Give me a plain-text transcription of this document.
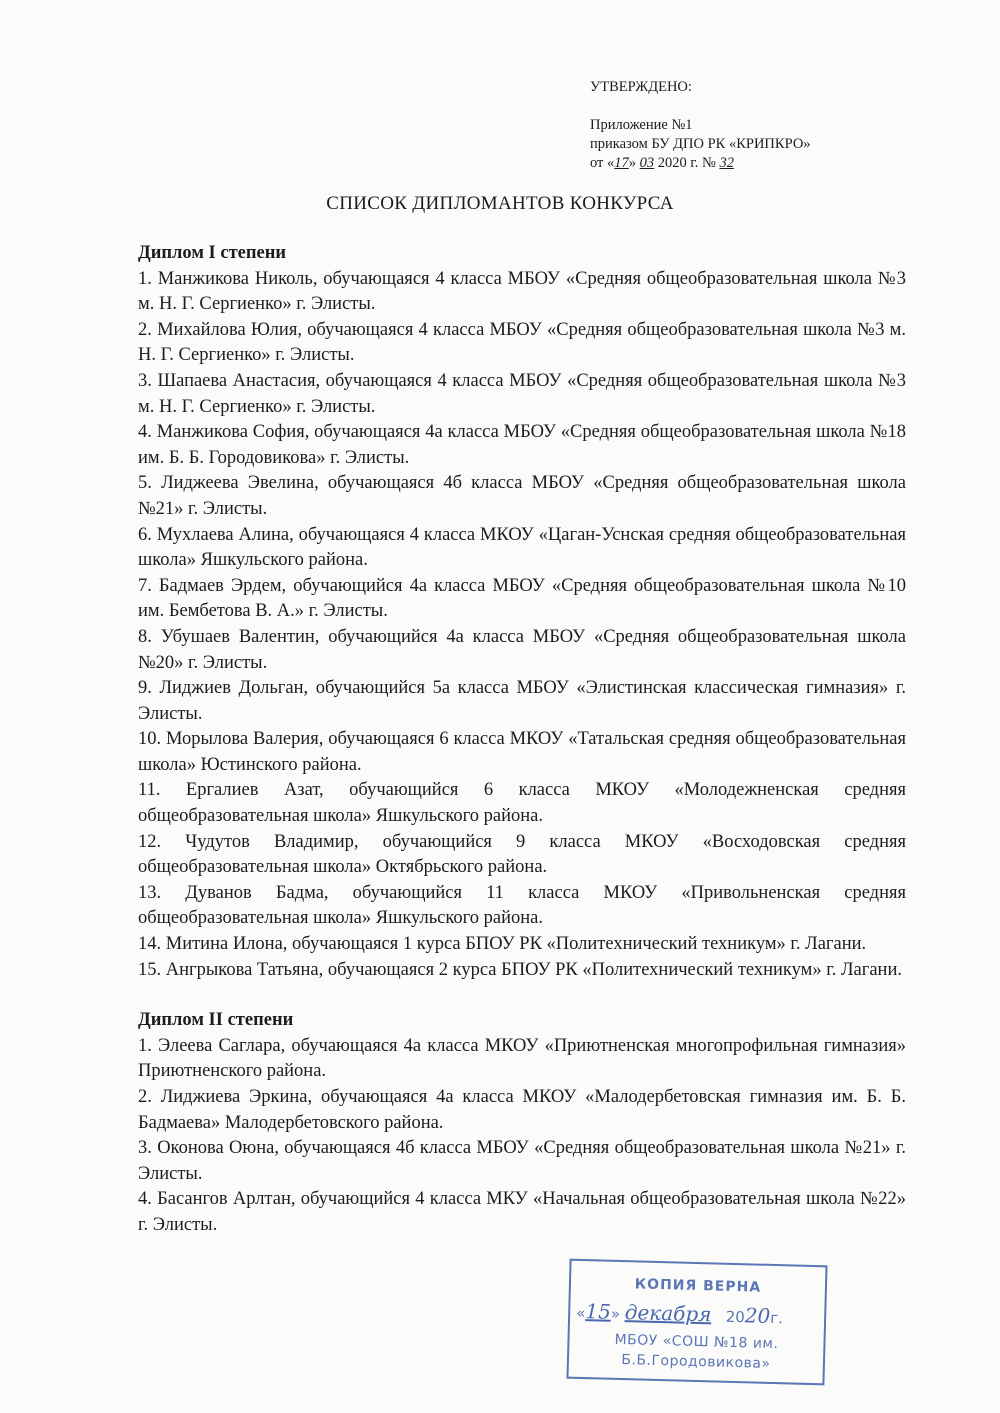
УТВЕРЖДЕНО:
Приложение №1
приказом БУ ДПО РК «КРИПКРО»
от «17» 03 2020 г. № 32
СПИСОК ДИПЛОМАНТОВ КОНКУРСА

Диплом I степени

1. Манжикова Николь, обучающаяся 4 класса МБОУ «Средняя общеобразовательная школа №3 м. Н. Г. Сергиенко» г. Элисты.

2. Михайлова Юлия, обучающаяся 4 класса МБОУ «Средняя общеобразовательная школа №3 м. Н. Г. Сергиенко» г. Элисты.

3. Шапаева Анастасия, обучающаяся 4 класса МБОУ «Средняя общеобразовательная школа №3 м. Н. Г. Сергиенко» г. Элисты.

4. Манжикова София, обучающаяся 4а класса МБОУ «Средняя общеобразовательная школа №18 им. Б. Б. Городовикова» г. Элисты.

5. Лиджеева Эвелина, обучающаяся 4б класса МБОУ «Средняя общеобразовательная школа №21» г. Элисты.

6. Мухлаева Алина, обучающаяся 4 класса МКОУ «Цаган-Уснская средняя общеобразовательная школа» Яшкульского района.

7. Бадмаев Эрдем, обучающийся 4а класса МБОУ «Средняя общеобразовательная школа №10 им. Бембетова В. А.» г. Элисты.

8. Убушаев Валентин, обучающийся 4а класса МБОУ «Средняя общеобразовательная школа №20» г. Элисты.

9. Лиджиев Дольган, обучающийся 5а класса МБОУ «Элистинская классическая гимназия» г. Элисты.

10. Морылова Валерия, обучающаяся 6 класса МКОУ «Татальская средняя общеобразовательная школа» Юстинского района.

11. Ергалиев Азат, обучающийся 6 класса МКОУ «Молодежненская средняя общеобразовательная школа» Яшкульского района.

12. Чудутов Владимир, обучающийся 9 класса МКОУ «Восходовская средняя общеобразовательная школа» Октябрьского района.

13. Дуванов Бадма, обучающийся 11 класса МКОУ «Привольненская средняя общеобразовательная школа» Яшкульского района.

14. Митина Илона, обучающаяся 1 курса БПОУ РК «Политехнический техникум» г. Лагани.

15. Ангрыкова Татьяна, обучающаяся 2 курса БПОУ РК «Политехнический техникум» г. Лагани.

Диплом II степени

1. Элеева Саглара, обучающаяся 4а класса МКОУ «Приютненская многопрофильная гимназия» Приютненского района.

2. Лиджиева Эркина, обучающаяся 4а класса МКОУ «Малодербетовская гимназия им. Б. Б. Бадмаева» Малодербетовского района.

3. Оконова Оюна, обучающаяся 4б класса МБОУ «Средняя общеобразовательная школа №21» г. Элисты.

4. Басангов Арлтан, обучающийся 4 класса МКУ «Начальная общеобразовательная школа №22» г. Элисты.

КОПИЯ ВЕРНА
«15» декабря 2020г.
МБОУ «СОШ №18 им.
Б.Б.Городовикова»
